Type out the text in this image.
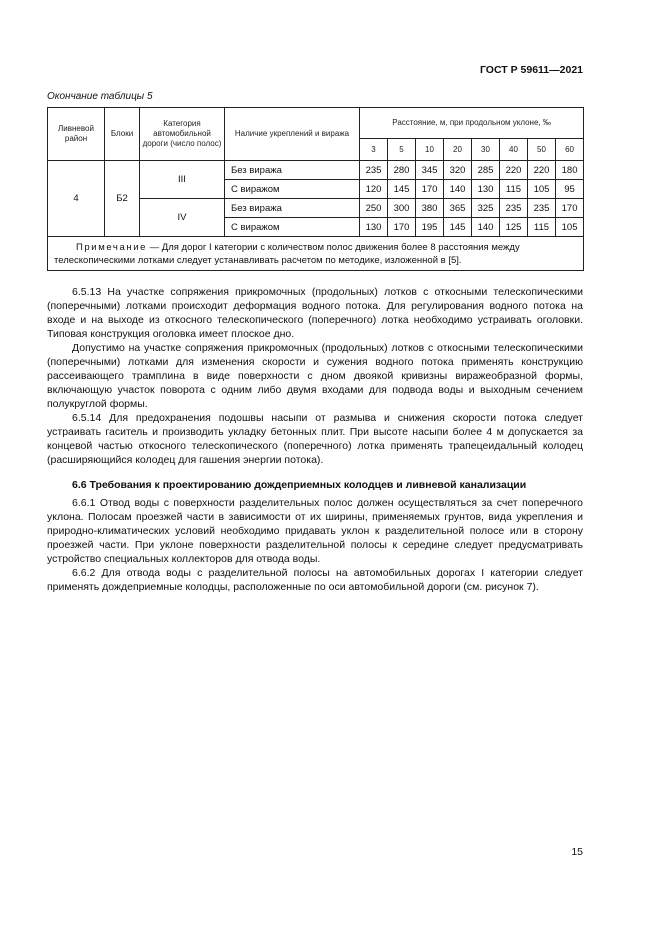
ГОСТ Р 59611—2021
Окончание таблицы 5
Ливневой район	Блоки	Категория автомобильной дороги (число полос)	Наличие укреплений и виража	Расстояние, м, при продольном уклоне, ‰							
				3	5	10	20	30	40	50	60
4	Б2	III	Без виража	235	280	345	320	285	220	220	180
			С виражом	120	145	170	140	130	115	105	95
		IV	Без виража	250	300	380	365	325	235	235	170
			С виражом	130	170	195	145	140	125	115	105
Примечание — Для дорог I категории с количеством полос движения более 8 расстояния между телескопическими лотками следует устанавливать расчетом по методике, изложенной в [5].											

6.5.13 На участке сопряжения прикромочных (продольных) лотков с откосными телескопическими (поперечными) лотками происходит деформация водного потока. Для регулирования водного потока на входе и на выходе из откосного телескопического (поперечного) лотка необходимо устраивать оголовки. Типовая конструкция оголовка имеет плоское дно.

Допустимо на участке сопряжения прикромочных (продольных) лотков с откосными телескопическими (поперечными) лотками для изменения скорости и сужения водного потока применять конструкцию рассеивающего трамплина в виде поверхности с дном двоякой кривизны виражеобразной формы, включающую участок поворота с одним либо двумя входами для подвода воды и выходным сечением полукруглой формы.

6.5.14 Для предохранения подошвы насыпи от размыва и снижения скорости потока следует устраивать гаситель и производить укладку бетонных плит. При высоте насыпи более 4 м допускается за концевой частью откосного телескопического (поперечного) лотка применять трапецеидальный колодец (расширяющийся колодец для гашения энергии потока).

6.6 Требования к проектированию дождеприемных колодцев и ливневой канализации

6.6.1 Отвод воды с поверхности разделительных полос должен осуществляться за счет поперечного уклона. Полосам проезжей части в зависимости от их ширины, применяемых грунтов, вида укрепления и природно-климатических условий необходимо придавать уклон к разделительной полосе или в сторону проезжей части. При уклоне поверхности разделительной полосы к середине следует предусматривать устройство специальных коллекторов для отвода воды.

6.6.2 Для отвода воды с разделительной полосы на автомобильных дорогах I категории следует применять дождеприемные колодцы, расположенные по оси автомобильной дороги (см. рисунок 7).

15
